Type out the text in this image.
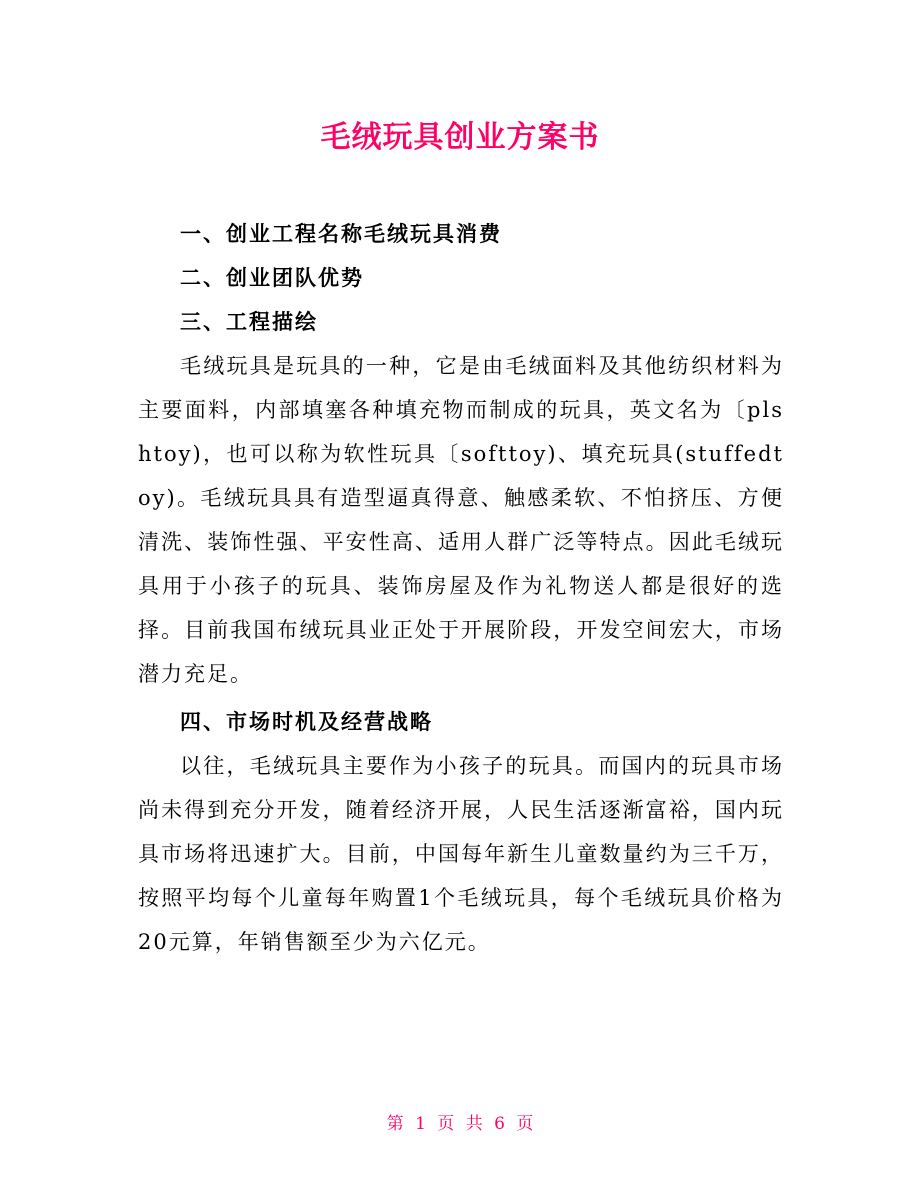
毛绒玩具创业方案书

一、创业工程名称毛绒玩具消费

二、创业团队优势

三、工程描绘

毛绒玩具是玩具的一种，它是由毛绒面料及其他纺织材料为主要面料，内部填塞各种填充物而制成的玩具，英文名为〔plshtoy)，也可以称为软性玩具〔softtoy)、填充玩具(stuffedtoy)。毛绒玩具具有造型逼真得意、触感柔软、不怕挤压、方便清洗、装饰性强、平安性高、适用人群广泛等特点。因此毛绒玩具用于小孩子的玩具、装饰房屋及作为礼物送人都是很好的选择。目前我国布绒玩具业正处于开展阶段，开发空间宏大，市场潜力充足。

四、市场时机及经营战略

以往，毛绒玩具主要作为小孩子的玩具。而国内的玩具市场尚未得到充分开发，随着经济开展，人民生活逐渐富裕，国内玩具市场将迅速扩大。目前，中国每年新生儿童数量约为三千万，按照平均每个儿童每年购置1个毛绒玩具，每个毛绒玩具价格为20元算，年销售额至少为六亿元。

第 1 页 共 6 页
